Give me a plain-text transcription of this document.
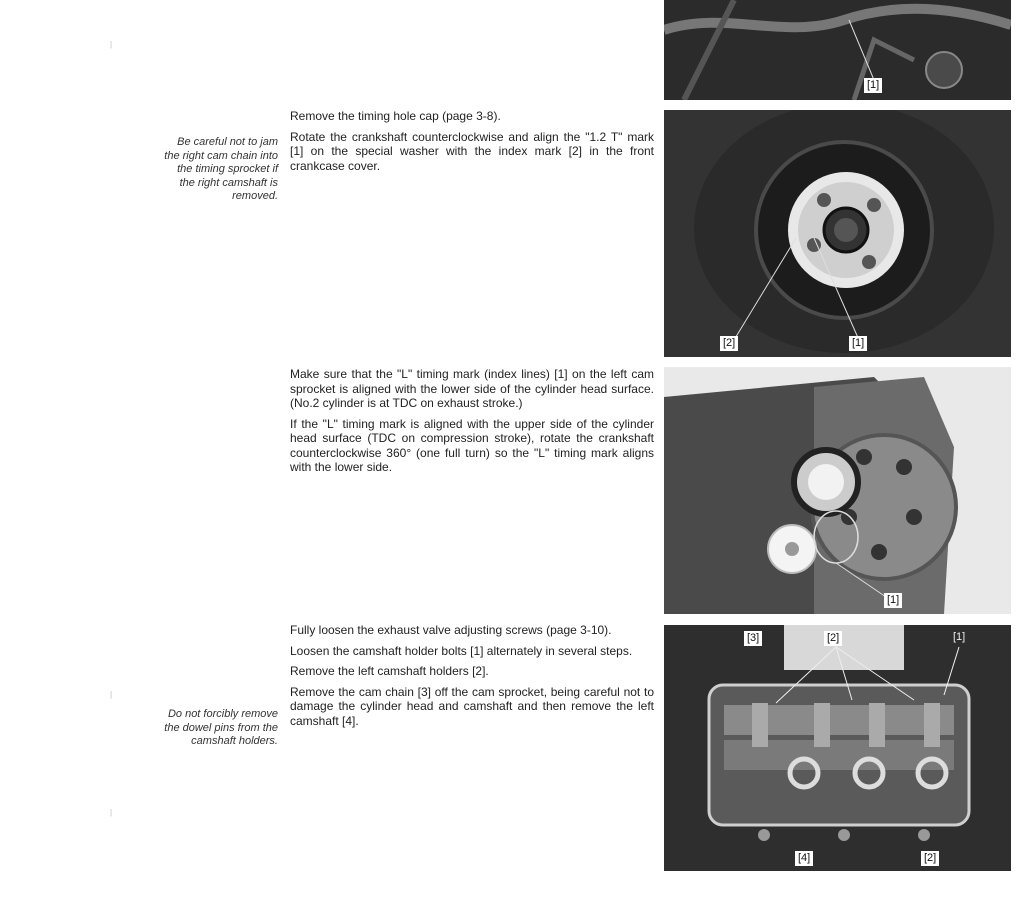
|
|
|
Be careful not to jam the right cam chain into the timing sprocket if the right camshaft is removed.
Do not forcibly remove the dowel pins from the camshaft holders.

Remove the timing hole cap (page 3-8).

Rotate the crankshaft counterclockwise and align the "1.2 T" mark [1] on the special washer with the index mark [2] in the front crankcase cover.

Make sure that the "L" timing mark (index lines) [1] on the left cam sprocket is aligned with the lower side of the cylinder head surface. (No.2 cylinder is at TDC on exhaust stroke.)

If the "L" timing mark is aligned with the upper side of the cylinder head surface (TDC on compression stroke), rotate the crankshaft counterclockwise 360° (one full turn) so the "L" timing mark aligns with the lower side.

Fully loosen the exhaust valve adjusting screws (page 3-10).

Loosen the camshaft holder bolts [1] alternately in several steps.

Remove the left camshaft holders [2].

Remove the cam chain [3] off the cam sprocket, being careful not to damage the cylinder head and camshaft and then remove the left camshaft [4].

[1]
[2]	[1]
[1]
[3]	[2]	[1]
[4]	[2]
